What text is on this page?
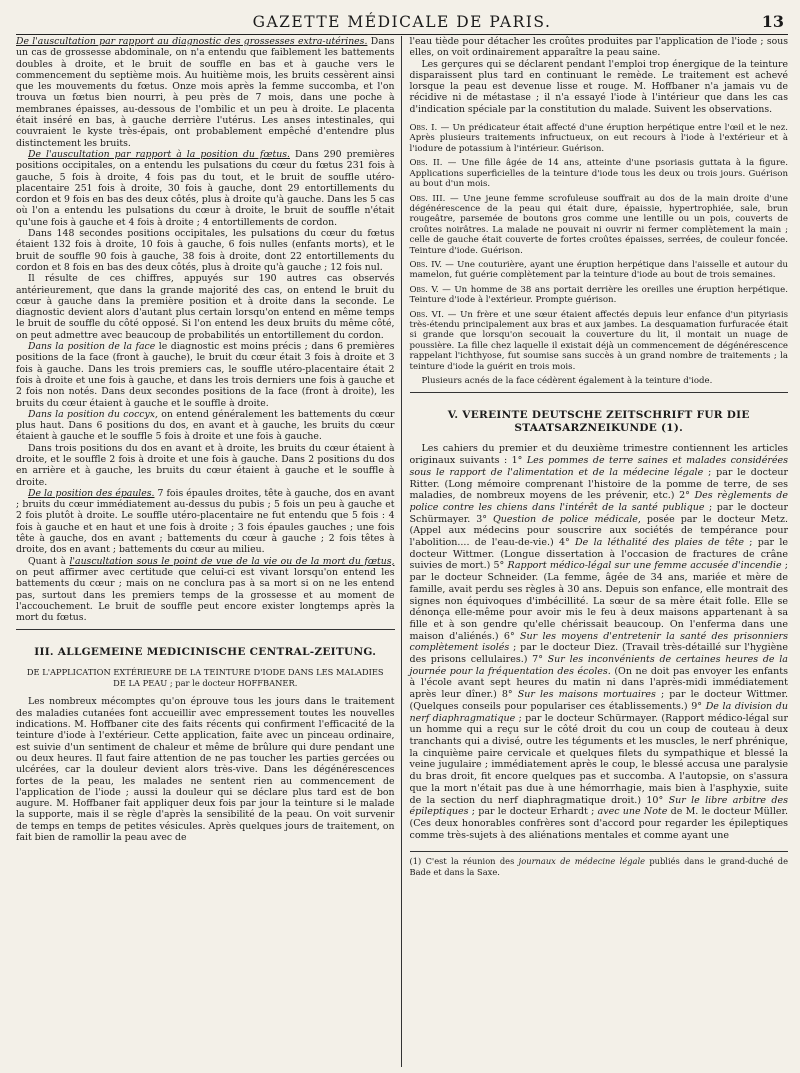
GAZETTE MÉDICALE DE PARIS.	13

De l'auscultation par rapport au diagnostic des grossesses extra-utérines. Dans un cas de grossesse abdominale, on n'a entendu que faiblement les battements doubles à droite, et le bruit de souffle en bas et à gauche vers le commencement du septième mois. Au huitième mois, les bruits cessèrent ainsi que les mouvements du fœtus. Onze mois après la femme succomba, et l'on trouva un fœtus bien nourri, à peu près de 7 mois, dans une poche à membranes épaisses, au-dessous de l'ombilic et un peu à droite. Le placenta était inséré en bas, à gauche derrière l'utérus. Les anses intestinales, qui couvraient le kyste très-épais, ont probablement empêché d'entendre plus distinctement les bruits.

De l'auscultation par rapport à la position du fœtus. Dans 290 premières positions occipitales, on a entendu les pulsations du cœur du fœtus 231 fois à gauche, 5 fois à droite, 4 fois pas du tout, et le bruit de souffle utéro-placentaire 251 fois à droite, 30 fois à gauche, dont 29 entortillements du cordon et 9 fois en bas des deux côtés, plus à droite qu'à gauche. Dans les 5 cas où l'on a entendu les pulsations du cœur à droite, le bruit de souffle n'était qu'une fois à gauche et 4 fois à droite ; 4 entortillements de cordon.

Dans 148 secondes positions occipitales, les pulsations du cœur du fœtus étaient 132 fois à droite, 10 fois à gauche, 6 fois nulles (enfants morts), et le bruit de souffle 90 fois à gauche, 38 fois à droite, dont 22 entortillements du cordon et 8 fois en bas des deux côtés, plus à droite qu'à gauche ; 12 fois nul.

Il résulte de ces chiffres, appuyés sur 190 autres cas observés antérieurement, que dans la grande majorité des cas, on entend le bruit du cœur à gauche dans la première position et à droite dans la seconde. Le diagnostic devient alors d'autant plus certain lorsqu'on entend en même temps le bruit de souffle du côté opposé. Si l'on entend les deux bruits du même côté, on peut admettre avec beaucoup de probabilités un entortillement du cordon.

Dans la position de la face le diagnostic est moins précis ; dans 6 premières positions de la face (front à gauche), le bruit du cœur était 3 fois à droite et 3 fois à gauche. Dans les trois premiers cas, le souffle utéro-placentaire était 2 fois à droite et une fois à gauche, et dans les trois derniers une fois à gauche et 2 fois non notés. Dans deux secondes positions de la face (front à droite), les bruits du cœur étaient à gauche et le souffle à droite.

Dans la position du coccyx, on entend généralement les battements du cœur plus haut. Dans 6 positions du dos, en avant et à gauche, les bruits du cœur étaient à gauche et le souffle 5 fois à droite et une fois à gauche.

Dans trois positions du dos en avant et à droite, les bruits du cœur étaient à droite, et le souffle 2 fois à droite et une fois à gauche. Dans 2 positions du dos en arrière et à gauche, les bruits du cœur étaient à gauche et le souffle à droite.

De la position des épaules. 7 fois épaules droites, tête à gauche, dos en avant ; bruits du cœur immédiatement au-dessus du pubis ; 5 fois un peu à gauche et 2 fois plutôt à droite. Le souffle utéro-placentaire ne fut entendu que 5 fois : 4 fois à gauche et en haut et une fois à droite ; 3 fois épaules gauches ; une fois tête à gauche, dos en avant ; battements du cœur à gauche ; 2 fois têtes à droite, dos en avant ; battements du cœur au milieu.

Quant à l'auscultation sous le point de vue de la vie ou de la mort du fœtus, on peut affirmer avec certitude que celui-ci est vivant lorsqu'on entend les battements du cœur ; mais on ne conclura pas à sa mort si on ne les entend pas, surtout dans les premiers temps de la grossesse et au moment de l'accouchement. Le bruit de souffle peut encore exister longtemps après la mort du fœtus.

III. ALLGEMEINE MEDICINISCHE CENTRAL-ZEITUNG.
DE L'APPLICATION EXTÉRIEURE DE LA TEINTURE D'IODE DANS LES MALADIES DE LA PEAU ; par le docteur HOFFBANER.

Les nombreux mécomptes qu'on éprouve tous les jours dans le traitement des maladies cutanées font accueillir avec empressement toutes les nouvelles indications. M. Hoffbaner cite des faits récents qui confirment l'efficacité de la teinture d'iode à l'extérieur. Cette application, faite avec un pinceau ordinaire, est suivie d'un sentiment de chaleur et même de brûlure qui dure pendant une ou deux heures. Il faut faire attention de ne pas toucher les parties gercées ou ulcérées, car la douleur devient alors très-vive. Dans les dégénérescences fortes de la peau, les malades ne sentent rien au commencement de l'application de l'iode ; aussi la douleur qui se déclare plus tard est de bon augure. M. Hoffbaner fait appliquer deux fois par jour la teinture si le malade la supporte, mais il se règle d'après la sensibilité de la peau. On voit survenir de temps en temps de petites vésicules. Après quelques jours de traitement, on fait bien de ramollir la peau avec de

l'eau tiède pour détacher les croûtes produites par l'application de l'iode ; sous elles, on voit ordinairement apparaître la peau saine.

Les gerçures qui se déclarent pendant l'emploi trop énergique de la teinture disparaissent plus tard en continuant le remède. Le traitement est achevé lorsque la peau est devenue lisse et rouge. M. Hoffbaner n'a jamais vu de récidive ni de métastase ; il n'a essayé l'iode à l'intérieur que dans les cas d'indication spéciale par la constitution du malade. Suivent les observations.

Obs. I. — Un prédicateur était affecté d'une éruption herpétique entre l'œil et le nez. Après plusieurs traitements infructueux, on eut recours à l'iode à l'extérieur et à l'iodure de potassium à l'intérieur. Guérison.
Obs. II. — Une fille âgée de 14 ans, atteinte d'une psoriasis guttata à la figure. Applications superficielles de la teinture d'iode tous les deux ou trois jours. Guérison au bout d'un mois.
Obs. III. — Une jeune femme scrofuleuse souffrait au dos de la main droite d'une dégénérescence de la peau qui était dure, épaissie, hypertrophiée, sale, brun rougeâtre, parsemée de boutons gros comme une lentille ou un pois, couverts de croûtes noirâtres. La malade ne pouvait ni ouvrir ni fermer complètement la main ; celle de gauche était couverte de fortes croûtes épaisses, serrées, de couleur foncée. Teinture d'iode. Guérison.
Obs. IV. — Une couturière, ayant une éruption herpétique dans l'aisselle et autour du mamelon, fut guérie complètement par la teinture d'iode au bout de trois semaines.
Obs. V. — Un homme de 38 ans portait derrière les oreilles une éruption herpétique. Teinture d'iode à l'extérieur. Prompte guérison.
Obs. VI. — Un frère et une sœur étaient affectés depuis leur enfance d'un pityriasis très-étendu principalement aux bras et aux jambes. La desquamation furfuracée était si grande que lorsqu'on secouait la couverture du lit, il montait un nuage de poussière. La fille chez laquelle il existait déjà un commencement de dégénérescence rappelant l'ichthyose, fut soumise sans succès à un grand nombre de traitements ; la teinture d'iode la guérit en trois mois.

Plusieurs acnés de la face cédèrent également à la teinture d'iode.

V. VEREINTE DEUTSCHE ZEITSCHRIFT FUR DIE STAATSARZNEIKUNDE (1).

Les cahiers du premier et du deuxième trimestre contiennent les articles originaux suivants : 1° Les pommes de terre saines et malades considérées sous le rapport de l'alimentation et de la médecine légale ; par le docteur Ritter. (Long mémoire comprenant l'histoire de la pomme de terre, de ses maladies, de nombreux moyens de les prévenir, etc.) 2° Des règlements de police contre les chiens dans l'intérêt de la santé publique ; par le docteur Schürmayer. 3° Question de police médicale, posée par le docteur Metz. (Appel aux médecins pour souscrire aux sociétés de tempérance pour l'abolition.... de l'eau-de-vie.) 4° De la léthalité des plaies de tête ; par le docteur Wittmer. (Longue dissertation à l'occasion de fractures de crâne suivies de mort.) 5° Rapport médico-légal sur une femme accusée d'incendie ; par le docteur Schneider. (La femme, âgée de 34 ans, mariée et mère de famille, avait perdu ses règles à 30 ans. Depuis son enfance, elle montrait des signes non équivoques d'imbécillité. La sœur de sa mère était folle. Elle se dénonça elle-même pour avoir mis le feu à deux maisons appartenant à sa fille et à son gendre qu'elle chérissait beaucoup. On l'enferma dans une maison d'aliénés.) 6° Sur les moyens d'entretenir la santé des prisonniers complètement isolés ; par le docteur Diez. (Travail très-détaillé sur l'hygiène des prisons cellulaires.) 7° Sur les inconvénients de certaines heures de la journée pour la fréquentation des écoles. (On ne doit pas envoyer les enfants à l'école avant sept heures du matin ni dans l'après-midi immédiatement après leur dîner.) 8° Sur les maisons mortuaires ; par le docteur Wittmer. (Quelques conseils pour populariser ces établissements.) 9° De la division du nerf diaphragmatique ; par le docteur Schürmayer. (Rapport médico-légal sur un homme qui a reçu sur le côté droit du cou un coup de couteau à deux tranchants qui a divisé, outre les téguments et les muscles, le nerf phrénique, la cinquième paire cervicale et quelques filets du sympathique et blessé la veine jugulaire ; immédiatement après le coup, le blessé accusa une paralysie du bras droit, fit encore quelques pas et succomba. A l'autopsie, on s'assura que la mort n'était pas due à une hémorrhagie, mais bien à l'asphyxie, suite de la section du nerf diaphragmatique droit.) 10° Sur le libre arbitre des épileptiques ; par le docteur Erhardt ; avec une Note de M. le docteur Müller. (Ces deux honorables confrères sont d'accord pour regarder les épileptiques comme très-sujets à des aliénations mentales et comme ayant une

(1) C'est la réunion des journaux de médecine légale publiés dans le grand-duché de Bade et dans la Saxe.
